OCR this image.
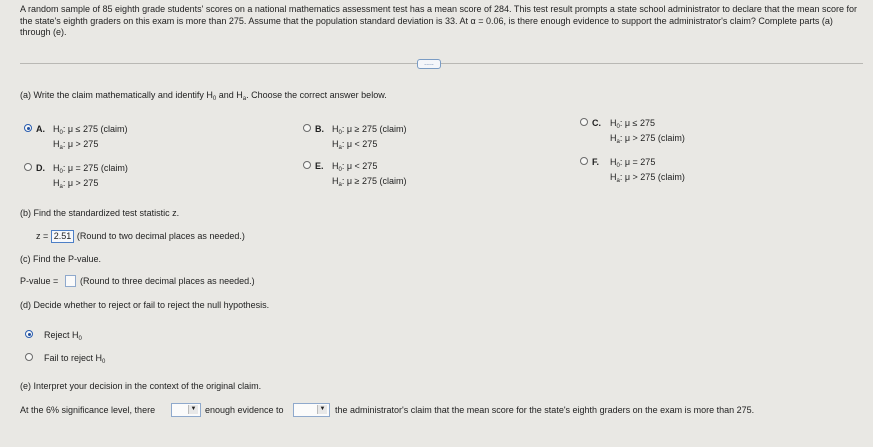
A random sample of 85 eighth grade students' scores on a national mathematics assessment test has a mean score of 284. This test result prompts a state school administrator to declare that the mean score for the state's eighth graders on this exam is more than 275. Assume that the population standard deviation is 33. At α = 0.06, is there enough evidence to support the administrator's claim? Complete parts (a) through (e).
.....
(a) Write the claim mathematically and identify $H_0$ and $H_a$. Choose the correct answer below.
A. $H_0$: μ ≤ 275 (claim)
$H_a$: μ > 275
B. $H_0$: μ ≥ 275 (claim)
$H_a$: μ < 275
C. $H_0$: μ ≤ 275
$H_a$: μ > 275 (claim)
D. $H_0$: μ = 275 (claim)
$H_a$: μ > 275
E. $H_0$: μ < 275
$H_a$: μ ≥ 275 (claim)
F. $H_0$: μ = 275
$H_a$: μ > 275 (claim)
(b) Find the standardized test statistic z.
z = 2.51 (Round to two decimal places as needed.)
(c) Find the P-value.
P-value = (Round to three decimal places as needed.)
(d) Decide whether to reject or fail to reject the null hypothesis.
Reject $H_0$
Fail to reject $H_0$
(e) Interpret your decision in the context of the original claim.
At the 6% significance level, there	▼ enough evidence to	▼ the administrator's claim that the mean score for the state's eighth graders on the exam is more than 275.
